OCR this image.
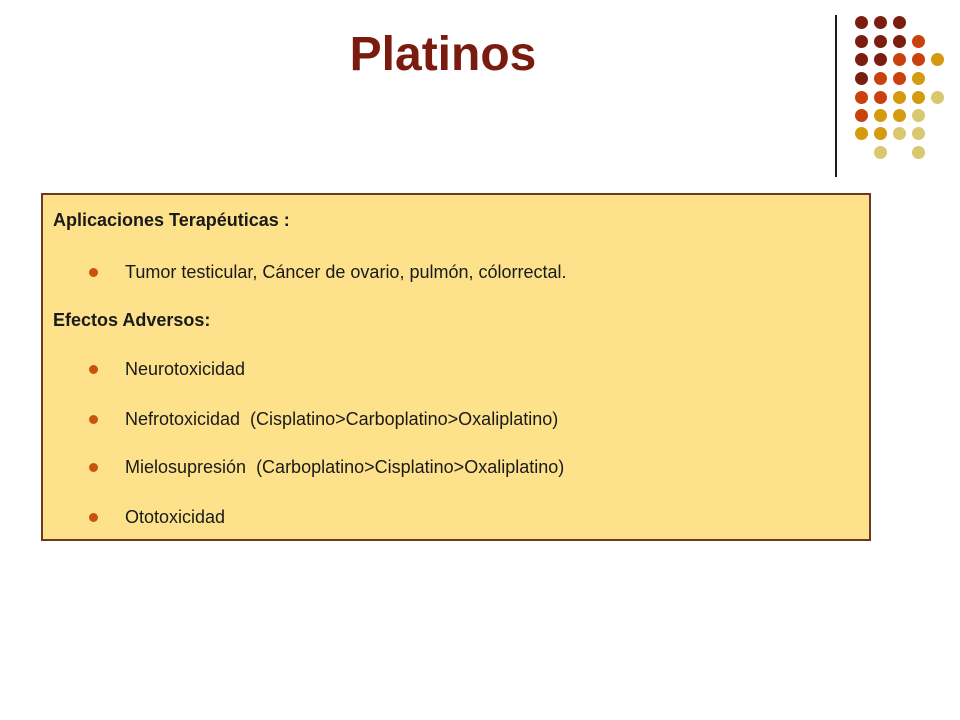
Platinos
Aplicaciones Terapéuticas :
Tumor testicular, Cáncer de ovario, pulmón, cólorrectal.
Efectos Adversos:
Neurotoxicidad
Nefrotoxicidad  (Cisplatino>Carboplatino>Oxaliplatino)
Mielosupresión  (Carboplatino>Cisplatino>Oxaliplatino)
Ototoxicidad
